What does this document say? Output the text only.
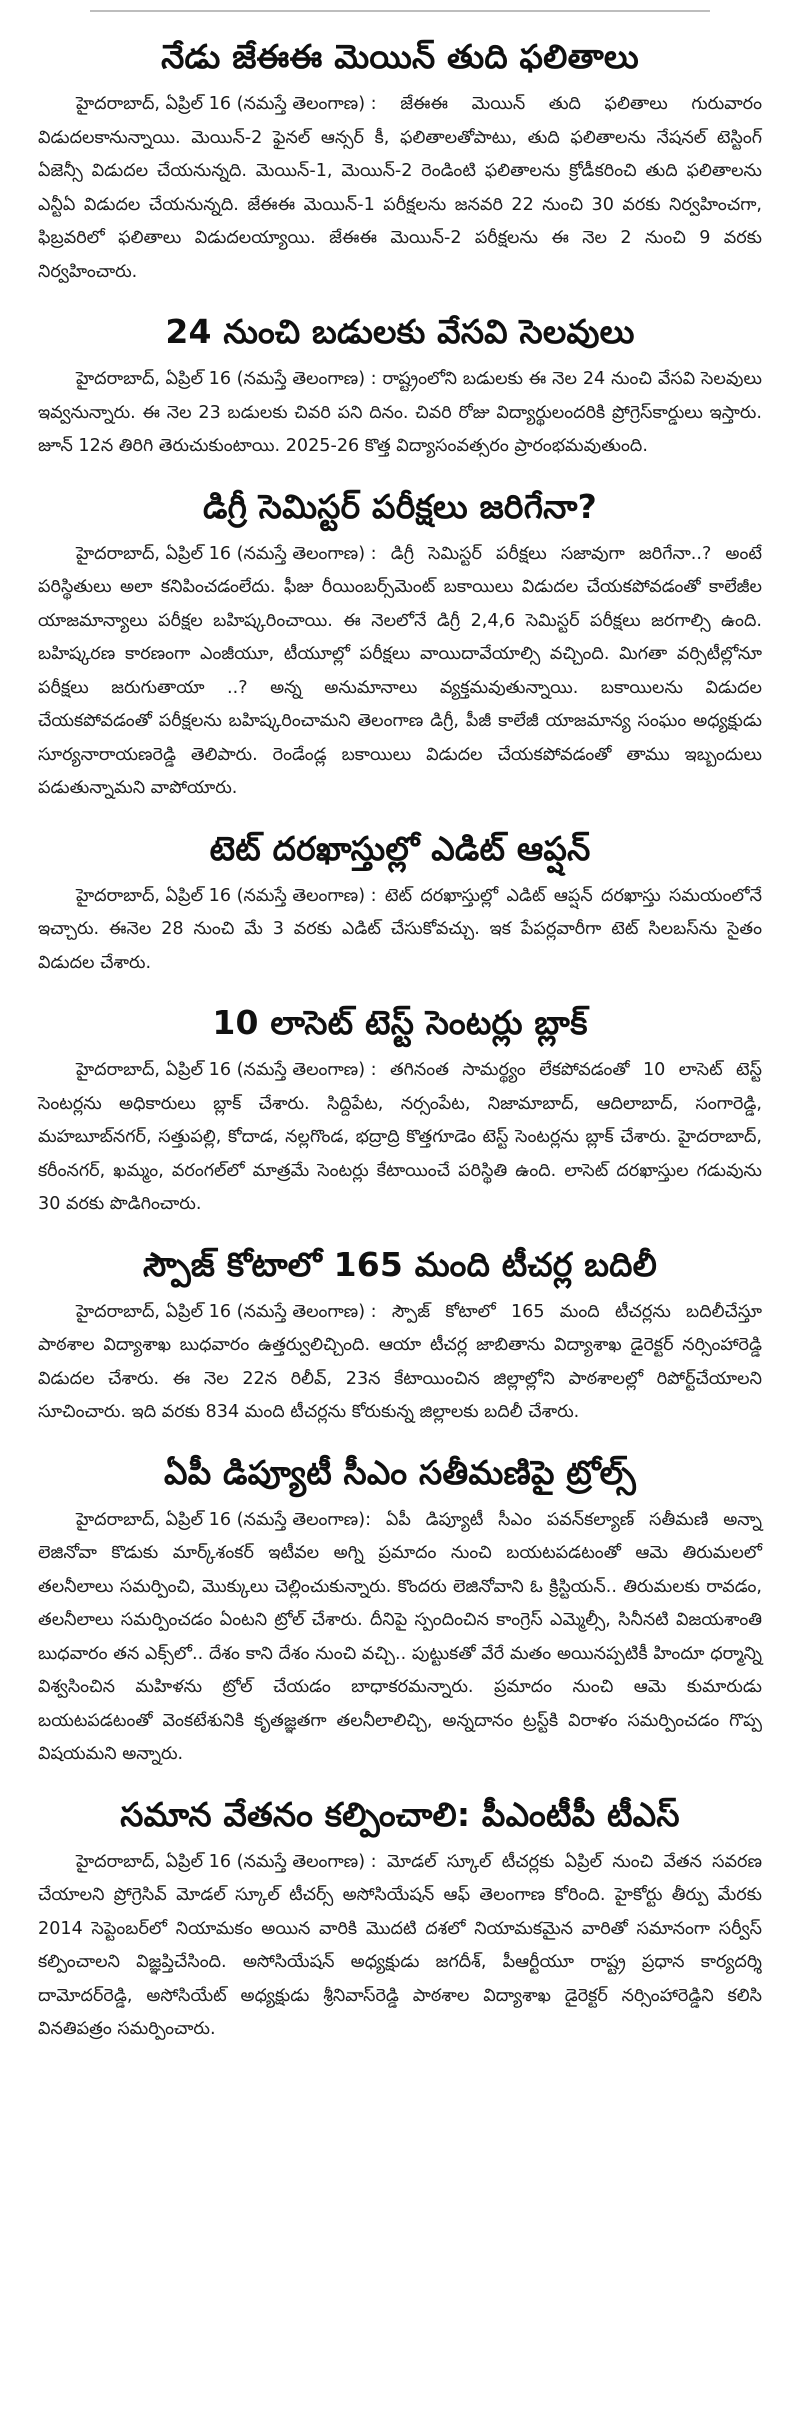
నేడు జేఈఈ మెయిన్ తుది ఫలితాలు

హైదరాబాద్, ఏప్రిల్ 16 (నమస్తే తెలంగాణ) : జేఈఈ మెయిన్ తుది ఫలితాలు గురువారం విడుదలకానున్నాయి. మెయిన్-2 ఫైనల్ ఆన్సర్ కీ, ఫలితాలతోపాటు, తుది ఫలితాలను నేషనల్ టెస్టింగ్ ఏజెన్సీ విడుదల చేయనున్నది. మెయిన్-1, మెయిన్-2 రెండింటి ఫలితాలను క్రోడీకరించి తుది ఫలితాలను ఎన్టీఏ విడుదల చేయనున్నది. జేఈఈ మెయిన్-1 పరీక్షలను జనవరి 22 నుంచి 30 వరకు నిర్వహించగా, ఫిబ్రవరిలో ఫలితాలు విడుదలయ్యాయి. జేఈఈ మెయిన్-2 పరీక్షలను ఈ నెల 2 నుంచి 9 వరకు నిర్వహించారు.

24 నుంచి బడులకు వేసవి సెలవులు

హైదరాబాద్, ఏప్రిల్ 16 (నమస్తే తెలంగాణ) : రాష్ట్రంలోని బడులకు ఈ నెల 24 నుంచి వేసవి సెలవులు ఇవ్వనున్నారు. ఈ నెల 23 బడులకు చివరి పని దినం. చివరి రోజు విద్యార్థులందరికి ప్రోగ్రెస్‌కార్డులు ఇస్తారు. జూన్ 12న తిరిగి తెరుచుకుంటాయి. 2025-26 కొత్త విద్యాసంవత్సరం ప్రారంభమవుతుంది.

డిగ్రీ సెమిస్టర్ పరీక్షలు జరిగేనా?

హైదరాబాద్, ఏప్రిల్ 16 (నమస్తే తెలంగాణ) : డిగ్రీ సెమిస్టర్ పరీక్షలు సజావుగా జరిగేనా..? అంటే పరిస్థితులు అలా కనిపించడంలేదు. ఫీజు రీయింబర్స్‌మెంట్ బకాయిలు విడుదల చేయకపోవడంతో కాలేజీల యాజమాన్యాలు పరీక్షల బహిష్కరించాయి. ఈ నెలలోనే డిగ్రీ 2,4,6 సెమిస్టర్ పరీక్షలు జరగాల్సి ఉంది. బహిష్కరణ కారణంగా ఎంజీయూ, టీయూల్లో పరీక్షలు వాయిదావేయాల్సి వచ్చింది. మిగతా వర్సిటీల్లోనూ పరీక్షలు జరుగుతాయా ..? అన్న అనుమానాలు వ్యక్తమవుతున్నాయి. బకాయిలను విడుదల చేయకపోవడంతో పరీక్షలను బహిష్కరించామని తెలంగాణ డిగ్రీ, పీజీ కాలేజీ యాజమాన్య సంఘం అధ్యక్షుడు సూర్యనారాయణరెడ్డి తెలిపారు. రెండేండ్ల బకాయిలు విడుదల చేయకపోవడంతో తాము ఇబ్బందులు పడుతున్నామని వాపోయారు.

టెట్ దరఖాస్తుల్లో ఎడిట్ ఆప్షన్

హైదరాబాద్, ఏప్రిల్ 16 (నమస్తే తెలంగాణ) : టెట్ దరఖాస్తుల్లో ఎడిట్ ఆప్షన్ దరఖాస్తు సమయంలోనే ఇచ్చారు. ఈనెల 28 నుంచి మే 3 వరకు ఎడిట్ చేసుకోవచ్చు. ఇక పేపర్లవారీగా టెట్ సిలబస్‌ను సైతం విడుదల చేశారు.

10 లాసెట్ టెస్ట్ సెంటర్లు బ్లాక్

హైదరాబాద్, ఏప్రిల్ 16 (నమస్తే తెలంగాణ) : తగినంత సామర్థ్యం లేకపోవడంతో 10 లాసెట్ టెస్ట్ సెంటర్లను అధికారులు బ్లాక్ చేశారు. సిద్దిపేట, నర్సంపేట, నిజామాబాద్, ఆదిలాబాద్, సంగారెడ్డి, మహబూబ్‌నగర్, సత్తుపల్లి, కోదాడ, నల్లగొండ, భద్రాద్రి కొత్తగూడెం టెస్ట్ సెంటర్లను బ్లాక్ చేశారు. హైదరాబాద్, కరీంనగర్, ఖమ్మం, వరంగల్‌లో మాత్రమే సెంటర్లు కేటాయించే పరిస్థితి ఉంది. లాసెట్ దరఖాస్తుల గడువును 30 వరకు పొడిగించారు.

స్పౌజ్ కోటాలో 165 మంది టీచర్ల బదిలీ

హైదరాబాద్, ఏప్రిల్ 16 (నమస్తే తెలంగాణ) : స్పౌజ్ కోటాలో 165 మంది టీచర్లను బదిలీచేస్తూ పాఠశాల విద్యాశాఖ బుధవారం ఉత్తర్వులిచ్చింది. ఆయా టీచర్ల జాబితాను విద్యాశాఖ డైరెక్టర్ నర్సింహారెడ్డి విడుదల చేశారు. ఈ నెల 22న రిలీవ్, 23న కేటాయించిన జిల్లాల్లోని పాఠశాలల్లో రిపోర్ట్‌చేయాలని సూచించారు. ఇది వరకు 834 మంది టీచర్లను కోరుకున్న జిల్లాలకు బదిలీ చేశారు.

ఏపీ డిప్యూటీ సీఎం సతీమణిపై ట్రోల్స్

హైదరాబాద్, ఏప్రిల్ 16 (నమస్తే తెలంగాణ): ఏపీ డిప్యూటీ సీఎం పవన్‌కల్యాణ్ సతీమణి అన్నా లెజినోవా కొడుకు మార్క్‌శంకర్ ఇటీవల అగ్ని ప్రమాదం నుంచి బయటపడటంతో ఆమె తిరుమలలో తలనీలాలు సమర్పించి, మొక్కులు చెల్లించుకున్నారు. కొందరు లెజినోవాని ఓ క్రిస్టియన్.. తిరుమలకు రావడం, తలనీలాలు సమర్పించడం ఏంటని ట్రోల్ చేశారు. దీనిపై స్పందించిన కాంగ్రెస్ ఎమ్మెల్సీ, సినీనటి విజయశాంతి బుధవారం తన ఎక్స్‌లో.. దేశం కాని దేశం నుంచి వచ్చి.. పుట్టుకతో వేరే మతం అయినప్పటికీ హిందూ ధర్మాన్ని విశ్వసించిన మహిళను ట్రోల్ చేయడం బాధాకరమన్నారు. ప్రమాదం నుంచి ఆమె కుమారుడు బయటపడటంతో వెంకటేశునికి కృతజ్ఞతగా తలనీలాలిచ్చి, అన్నదానం ట్రస్ట్‌కి విరాళం సమర్పించడం గొప్ప విషయమని అన్నారు.

సమాన వేతనం కల్పించాలి: పీఎంటీపీ టీఎస్

హైదరాబాద్, ఏప్రిల్ 16 (నమస్తే తెలంగాణ) : మోడల్ స్కూల్ టీచర్లకు ఏప్రిల్ నుంచి వేతన సవరణ చేయాలని ప్రోగ్రెసివ్ మోడల్ స్కూల్ టీచర్స్ అసోసియేషన్ ఆఫ్ తెలంగాణ కోరింది. హైకోర్టు తీర్పు మేరకు 2014 సెప్టెంబర్‌లో నియామకం అయిన వారికి మొదటి దశలో నియామకమైన వారితో సమానంగా సర్వీస్ కల్పించాలని విజ్ఞప్తిచేసింది. అసోసియేషన్ అధ్యక్షుడు జగదీశ్, పీఆర్టీయూ రాష్ట్ర ప్రధాన కార్యదర్శి దామోదర్‌రెడ్డి, అసోసియేట్ అధ్యక్షుడు శ్రీనివాస్‌రెడ్డి పాఠశాల విద్యాశాఖ డైరెక్టర్ నర్సింహారెడ్డిని కలిసి వినతిపత్రం సమర్పించారు.
